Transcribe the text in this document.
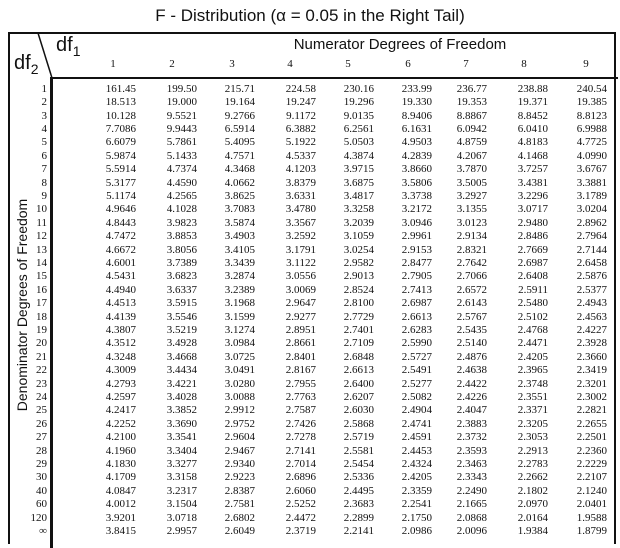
F - Distribution (α = 0.05 in the Right Tail)
$df_1$
$df_2$
Numerator Degrees of Freedom
Denominator Degrees of Freedom
1	2	3	4	5	6	7	8	9
1	161.45	199.50	215.71	224.58	230.16	233.99	236.77	238.88	240.54
2	18.513	19.000	19.164	19.247	19.296	19.330	19.353	19.371	19.385
3	10.128	9.5521	9.2766	9.1172	9.0135	8.9406	8.8867	8.8452	8.8123
4	7.7086	9.9443	6.5914	6.3882	6.2561	6.1631	6.0942	6.0410	6.9988
5	6.6079	5.7861	5.4095	5.1922	5.0503	4.9503	4.8759	4.8183	4.7725
6	5.9874	5.1433	4.7571	4.5337	4.3874	4.2839	4.2067	4.1468	4.0990
7	5.5914	4.7374	4.3468	4.1203	3.9715	3.8660	3.7870	3.7257	3.6767
8	5.3177	4.4590	4.0662	3.8379	3.6875	3.5806	3.5005	3.4381	3.3881
9	5.1174	4.2565	3.8625	3.6331	3.4817	3.3738	3.2927	3.2296	3.1789
10	4.9646	4.1028	3.7083	3.4780	3.3258	3.2172	3.1355	3.0717	3.0204
11	4.8443	3.9823	3.5874	3.3567	3.2039	3.0946	3.0123	2.9480	2.8962
12	4.7472	3.8853	3.4903	3.2592	3.1059	2.9961	2.9134	2.8486	2.7964
13	4.6672	3.8056	3.4105	3.1791	3.0254	2.9153	2.8321	2.7669	2.7144
14	4.6001	3.7389	3.3439	3.1122	2.9582	2.8477	2.7642	2.6987	2.6458
15	4.5431	3.6823	3.2874	3.0556	2.9013	2.7905	2.7066	2.6408	2.5876
16	4.4940	3.6337	3.2389	3.0069	2.8524	2.7413	2.6572	2.5911	2.5377
17	4.4513	3.5915	3.1968	2.9647	2.8100	2.6987	2.6143	2.5480	2.4943
18	4.4139	3.5546	3.1599	2.9277	2.7729	2.6613	2.5767	2.5102	2.4563
19	4.3807	3.5219	3.1274	2.8951	2.7401	2.6283	2.5435	2.4768	2.4227
20	4.3512	3.4928	3.0984	2.8661	2.7109	2.5990	2.5140	2.4471	2.3928
21	4.3248	3.4668	3.0725	2.8401	2.6848	2.5727	2.4876	2.4205	2.3660
22	4.3009	3.4434	3.0491	2.8167	2.6613	2.5491	2.4638	2.3965	2.3419
23	4.2793	3.4221	3.0280	2.7955	2.6400	2.5277	2.4422	2.3748	2.3201
24	4.2597	3.4028	3.0088	2.7763	2.6207	2.5082	2.4226	2.3551	2.3002
25	4.2417	3.3852	2.9912	2.7587	2.6030	2.4904	2.4047	2.3371	2.2821
26	4.2252	3.3690	2.9752	2.7426	2.5868	2.4741	2.3883	2.3205	2.2655
27	4.2100	3.3541	2.9604	2.7278	2.5719	2.4591	2.3732	2.3053	2.2501
28	4.1960	3.3404	2.9467	2.7141	2.5581	2.4453	2.3593	2.2913	2.2360
29	4.1830	3.3277	2.9340	2.7014	2.5454	2.4324	2.3463	2.2783	2.2229
30	4.1709	3.3158	2.9223	2.6896	2.5336	2.4205	2.3343	2.2662	2.2107
40	4.0847	3.2317	2.8387	2.6060	2.4495	2.3359	2.2490	2.1802	2.1240
60	4.0012	3.1504	2.7581	2.5252	2.3683	2.2541	2.1665	2.0970	2.0401
120	3.9201	3.0718	2.6802	2.4472	2.2899	2.1750	2.0868	2.0164	1.9588
∞	3.8415	2.9957	2.6049	2.3719	2.2141	2.0986	2.0096	1.9384	1.8799
